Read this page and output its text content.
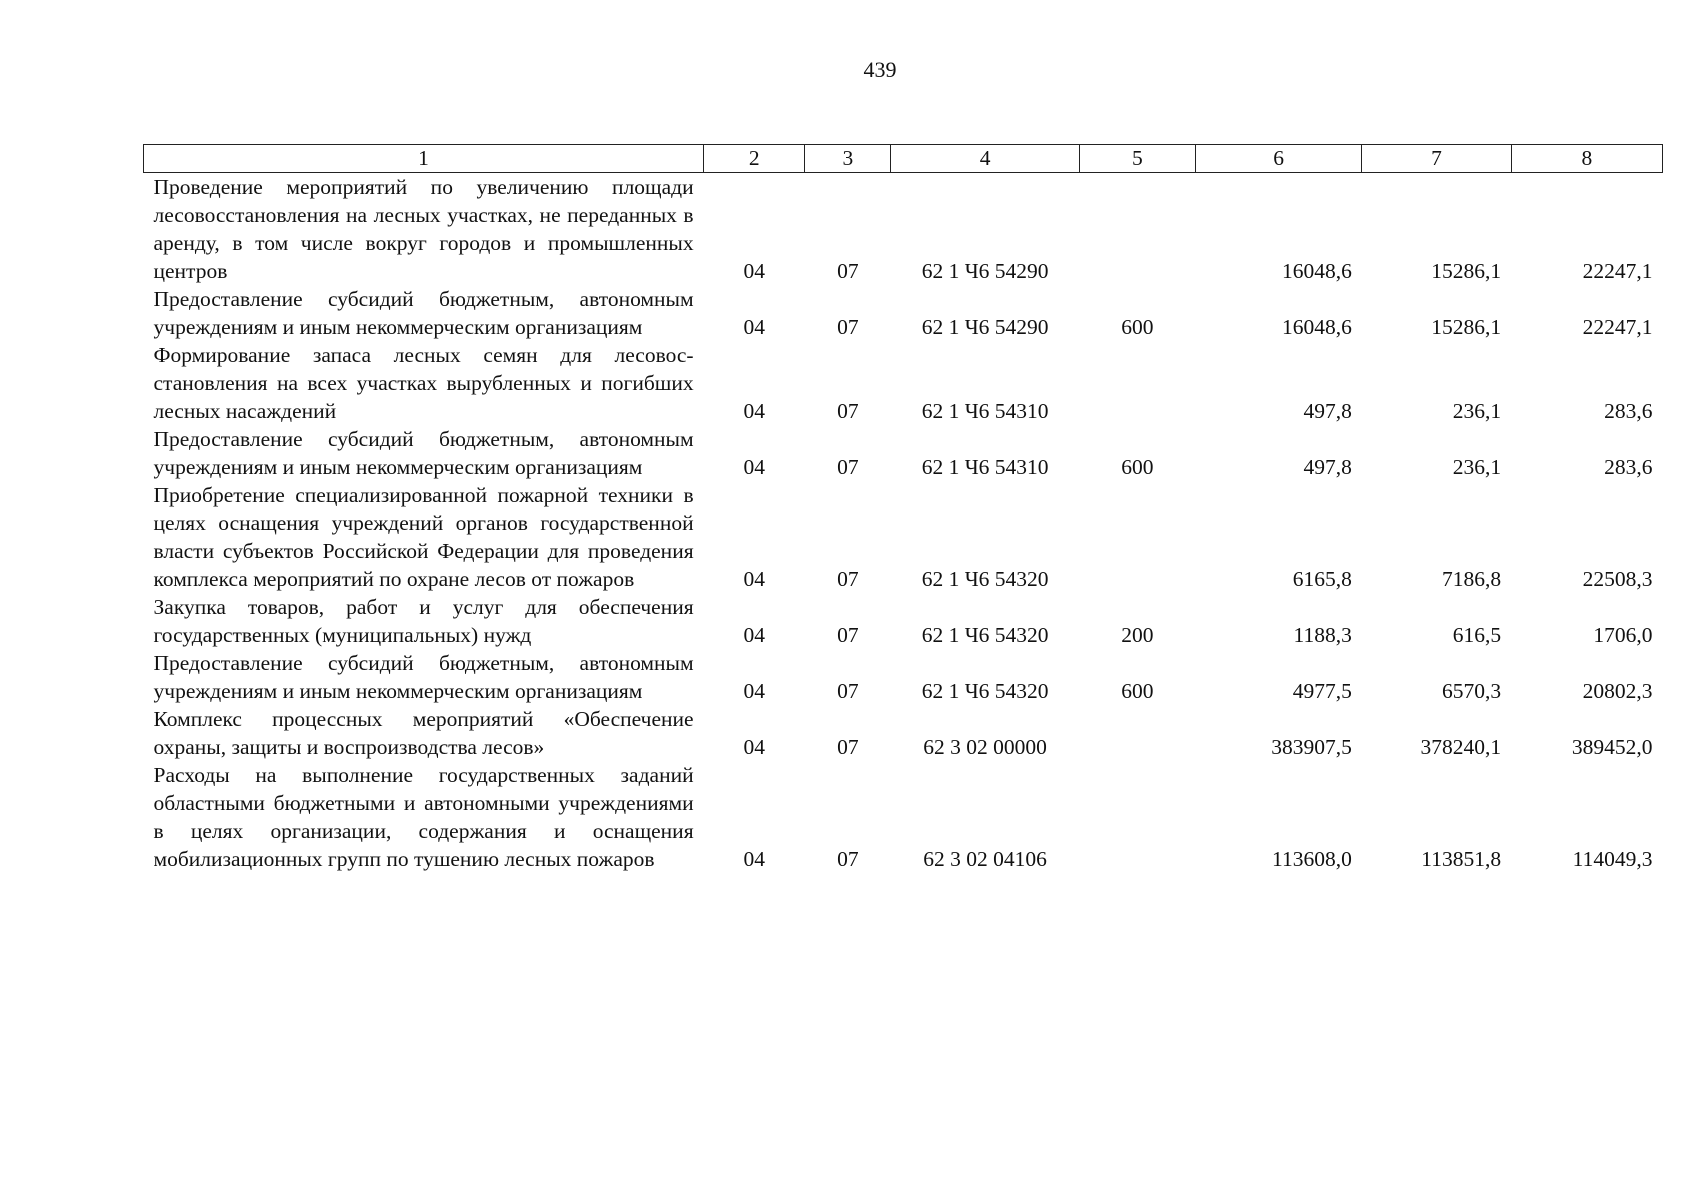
439
1	2	3	4	5	6	7	8
Проведение мероприятий по увеличению площади лесовосстановления на лесных участках, не переданных в аренду, в том числе вокруг городов и промышленных центров	04	07	62 1 Ч6 54290		16048,6	15286,1	22247,1
Предоставление субсидий бюджетным, автономным учреждениям и иным некоммерческим организациям	04	07	62 1 Ч6 54290	600	16048,6	15286,1	22247,1
Формирование запаса лесных семян для лесовосстановления на всех участках вырубленных и погибших лесных насаждений	04	07	62 1 Ч6 54310		497,8	236,1	283,6
Предоставление субсидий бюджетным, автономным учреждениям и иным некоммерческим организациям	04	07	62 1 Ч6 54310	600	497,8	236,1	283,6
Приобретение специализированной пожарной техники в целях оснащения учреждений органов государственной власти субъектов Российской Федерации для проведения комплекса мероприятий по охране лесов от пожаров	04	07	62 1 Ч6 54320		6165,8	7186,8	22508,3
Закупка товаров, работ и услуг для обеспечения государственных (муниципальных) нужд	04	07	62 1 Ч6 54320	200	1188,3	616,5	1706,0
Предоставление субсидий бюджетным, автономным учреждениям и иным некоммерческим организациям	04	07	62 1 Ч6 54320	600	4977,5	6570,3	20802,3
Комплекс процессных мероприятий «Обеспечение охраны, защиты и воспроизводства лесов»	04	07	62 3 02 00000		383907,5	378240,1	389452,0
Расходы на выполнение государственных заданий областными бюджетными и автономными учреждениями в целях организации, содержания и оснащения мобилизационных групп по тушению лесных пожаров	04	07	62 3 02 04106		113608,0	113851,8	114049,3
